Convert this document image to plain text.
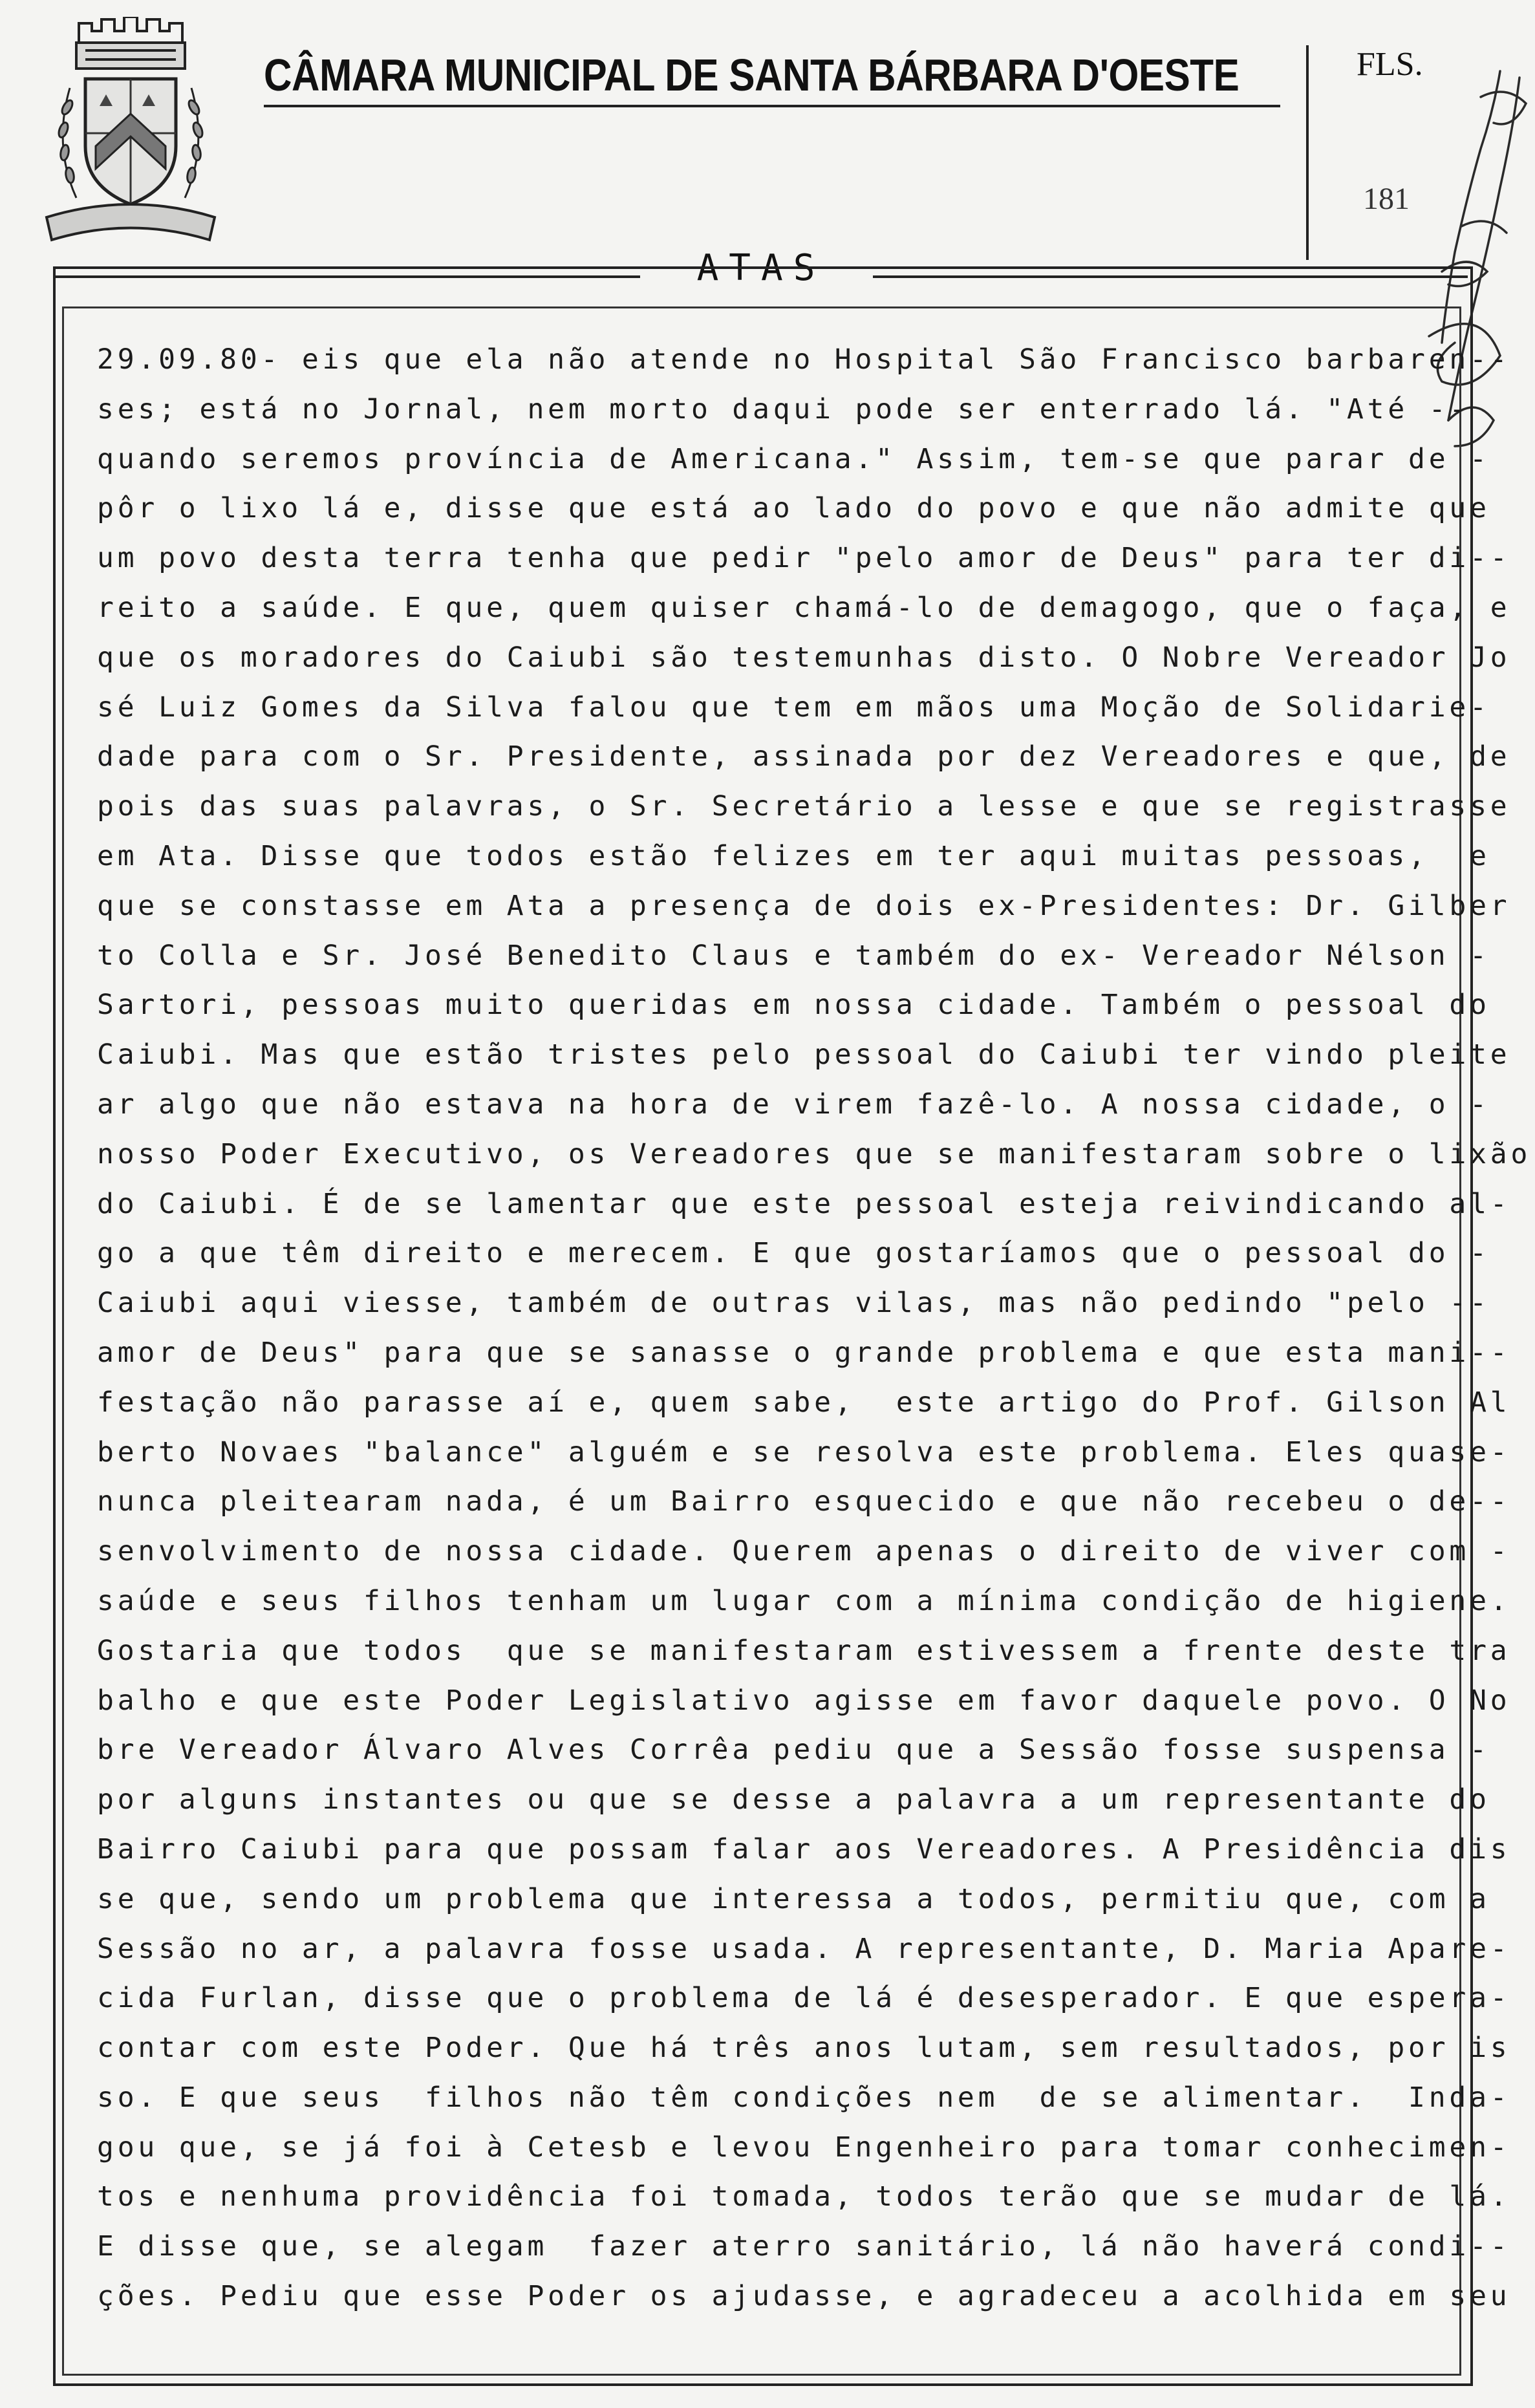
CÂMARA MUNICIPAL DE SANTA BÁRBARA D'OESTE	FLS.
181
ATAS
29.09.80- eis que ela não atende no Hospital São Francisco barbaren--
ses; está no Jornal, nem morto daqui pode ser enterrado lá. "Até --
quando seremos província de Americana." Assim, tem-se que parar de -
pôr o lixo lá e, disse que está ao lado do povo e que não admite que
um povo desta terra tenha que pedir "pelo amor de Deus" para ter di--
reito a saúde. E que, quem quiser chamá-lo de demagogo, que o faça, e
que os moradores do Caiubi são testemunhas disto. O Nobre Vereador Jo
sé Luiz Gomes da Silva falou que tem em mãos uma Moção de Solidarie-
dade para com o Sr. Presidente, assinada por dez Vereadores e que, de
pois das suas palavras, o Sr. Secretário a lesse e que se registrasse
em Ata. Disse que todos estão felizes em ter aqui muitas pessoas,  e
que se constasse em Ata a presença de dois ex-Presidentes: Dr. Gilber
to Colla e Sr. José Benedito Claus e também do ex- Vereador Nélson -
Sartori, pessoas muito queridas em nossa cidade. Também o pessoal do
Caiubi. Mas que estão tristes pelo pessoal do Caiubi ter vindo pleite
ar algo que não estava na hora de virem fazê-lo. A nossa cidade, o -
nosso Poder Executivo, os Vereadores que se manifestaram sobre o lixão
do Caiubi. É de se lamentar que este pessoal esteja reivindicando al-
go a que têm direito e merecem. E que gostaríamos que o pessoal do -
Caiubi aqui viesse, também de outras vilas, mas não pedindo "pelo --
amor de Deus" para que se sanasse o grande problema e que esta mani--
festação não parasse aí e, quem sabe,  este artigo do Prof. Gilson Al
berto Novaes "balance" alguém e se resolva este problema. Eles quase-
nunca pleitearam nada, é um Bairro esquecido e que não recebeu o de--
senvolvimento de nossa cidade. Querem apenas o direito de viver com -
saúde e seus filhos tenham um lugar com a mínima condição de higiene.
Gostaria que todos  que se manifestaram estivessem a frente deste tra
balho e que este Poder Legislativo agisse em favor daquele povo. O No
bre Vereador Álvaro Alves Corrêa pediu que a Sessão fosse suspensa -
por alguns instantes ou que se desse a palavra a um representante do
Bairro Caiubi para que possam falar aos Vereadores. A Presidência dis
se que, sendo um problema que interessa a todos, permitiu que, com a
Sessão no ar, a palavra fosse usada. A representante, D. Maria Apare-
cida Furlan, disse que o problema de lá é desesperador. E que espera-
contar com este Poder. Que há três anos lutam, sem resultados, por is
so. E que seus  filhos não têm condições nem  de se alimentar.  Inda-
gou que, se já foi à Cetesb e levou Engenheiro para tomar conhecimen-
tos e nenhuma providência foi tomada, todos terão que se mudar de lá.
E disse que, se alegam  fazer aterro sanitário, lá não haverá condi--
ções. Pediu que esse Poder os ajudasse, e agradeceu a acolhida em seu
